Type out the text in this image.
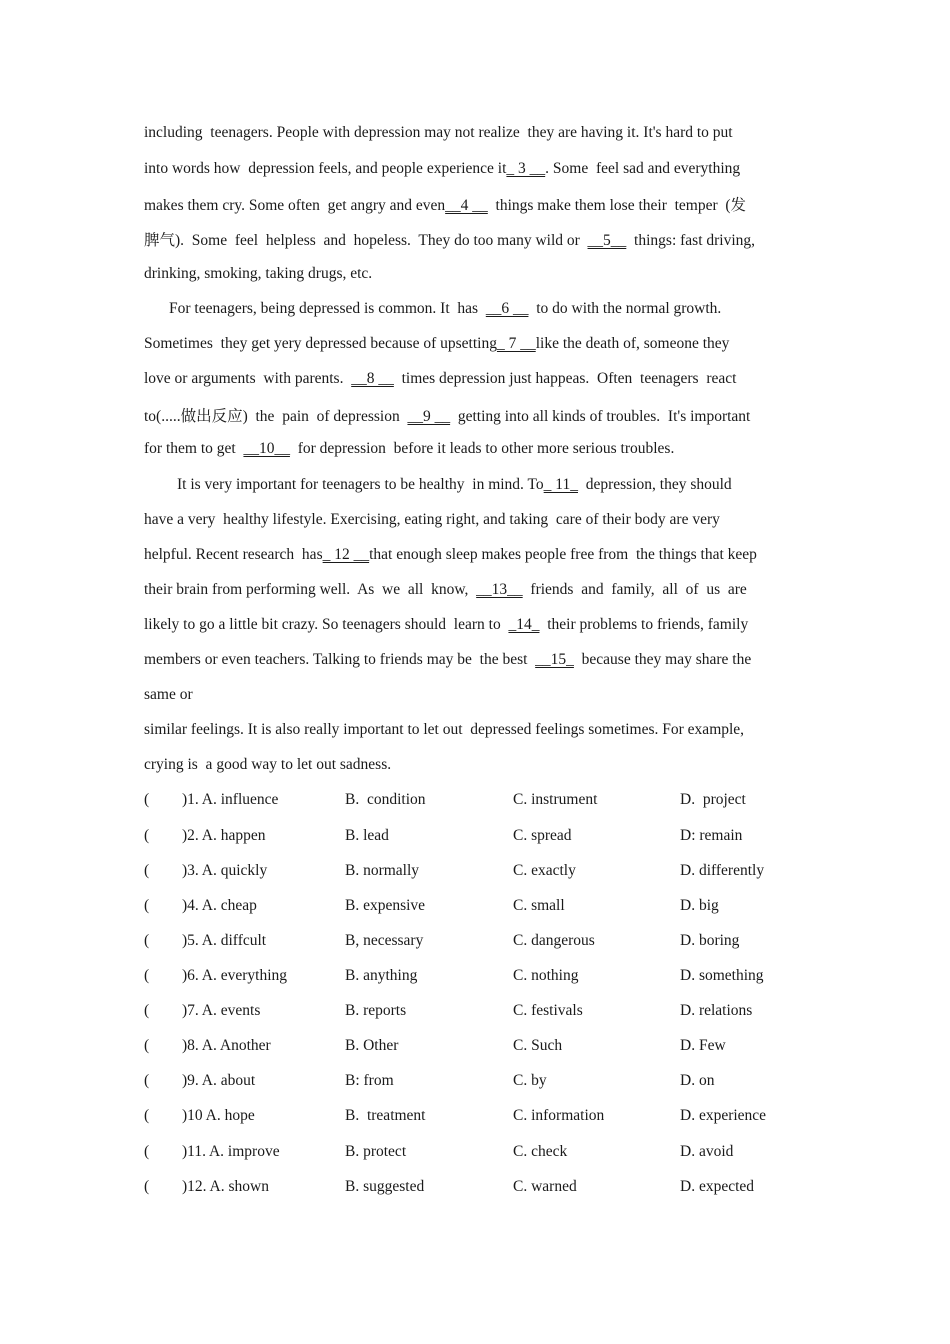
including  teenagers. People with depression may not realize  they are having it. It's hard to put
into words how  depression feels, and people experience it_ 3 __. Some  feel sad and everything
makes them cry. Some often  get angry and even__4 __  things make them lose their  temper  (发
脾气).  Some  feel  helpless  and  hopeless.  They do too many wild or  __5__  things: fast driving,
drinking, smoking, taking drugs, etc.
For teenagers, being depressed is common. It  has  __6 __  to do with the normal growth.
Sometimes  they get yery depressed because of upsetting_ 7 __like the death of, someone they
love or arguments  with parents.  __8 __  times depression just happeas.  Often  teenagers  react
to(.....做出反应)  the  pain  of depression  __9 __  getting into all kinds of troubles.  It's important
for them to get  __10__  for depression  before it leads to other more serious troubles.
It is very important for teenagers to be healthy  in mind. To_ 11_  depression, they should
have a very  healthy lifestyle. Exercising, eating right, and taking  care of their body are very
helpful. Recent research  has_ 12 __that enough sleep makes people free from  the things that keep
their brain from performing well.  As  we  all  know,  __13__  friends  and  family,  all  of  us  are
likely to go a little bit crazy. So teenagers should  learn to  _14_  their problems to friends, family
members or even teachers. Talking to friends may be  the best  __15_  because they may share the
same or
similar feelings. It is also really important to let out  depressed feelings sometimes. For example,
crying is  a good way to let out sadness.
( )1. A. influence	B.  condition	C. instrument	D.  project
( )2. A. happen	B. lead	C. spread	D: remain
( )3. A. quickly	B. normally	C. exactly	D. differently
( )4. A. cheap	B. expensive	C. small	D. big
( )5. A. diffcult	B, necessary	C. dangerous	D. boring
( )6. A. everything	B. anything	C. nothing	D. something
( )7. A. events	B. reports	C. festivals	D. relations
( )8. A. Another	B. Other	C. Such	D. Few
( )9. A. about	B: from	C. by	D. on
( )10 A. hope	B.  treatment	C. information	D. experience
( )11. A. improve	B. protect	C. check	D. avoid
( )12. A. shown	B. suggested	C. warned	D. expected
